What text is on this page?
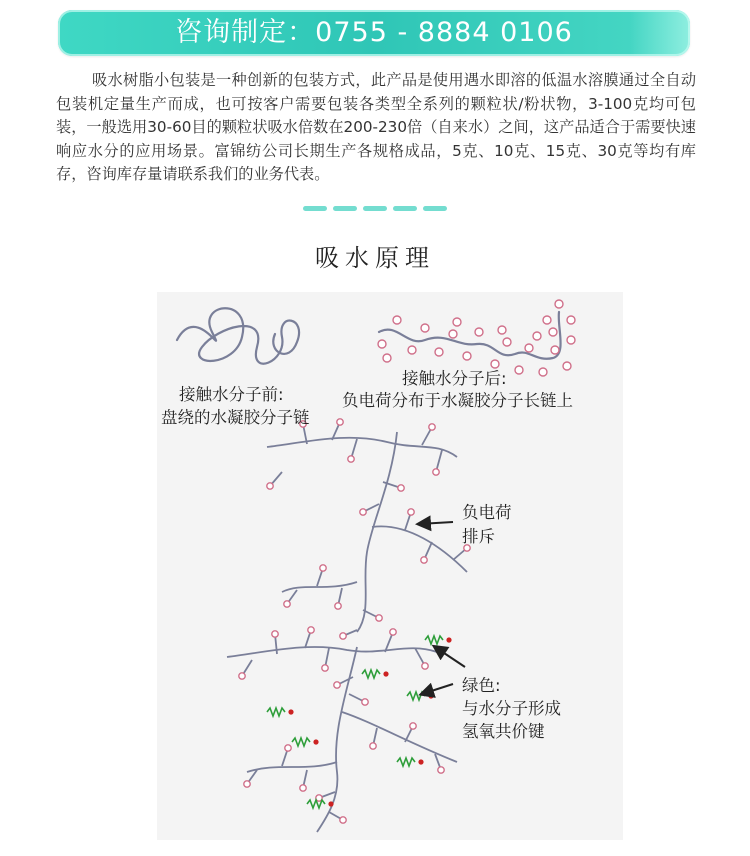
咨询制定：0755 - 8884 0106

吸水树脂小包装是一种创新的包装方式，此产品是使用遇水即溶的低温水溶膜通过全自动包装机定量生产而成，也可按客户需要包装各类型全系列的颗粒状/粉状物，3-100克均可包装，一般选用30-60目的颗粒状吸水倍数在200-230倍（自来水）之间，这产品适合于需要快速响应水分的应用场景。富锦纺公司长期生产各规格成品，5克、10克、15克、30克等均有库存，咨询库存量请联系我们的业务代表。

吸水原理
接触水分子前:
盘绕的水凝胶分子链
接触水分子后:
负电荷分布于水凝胶分子长链上
负电荷
排斥
绿色:
与水分子形成
氢氧共价键
